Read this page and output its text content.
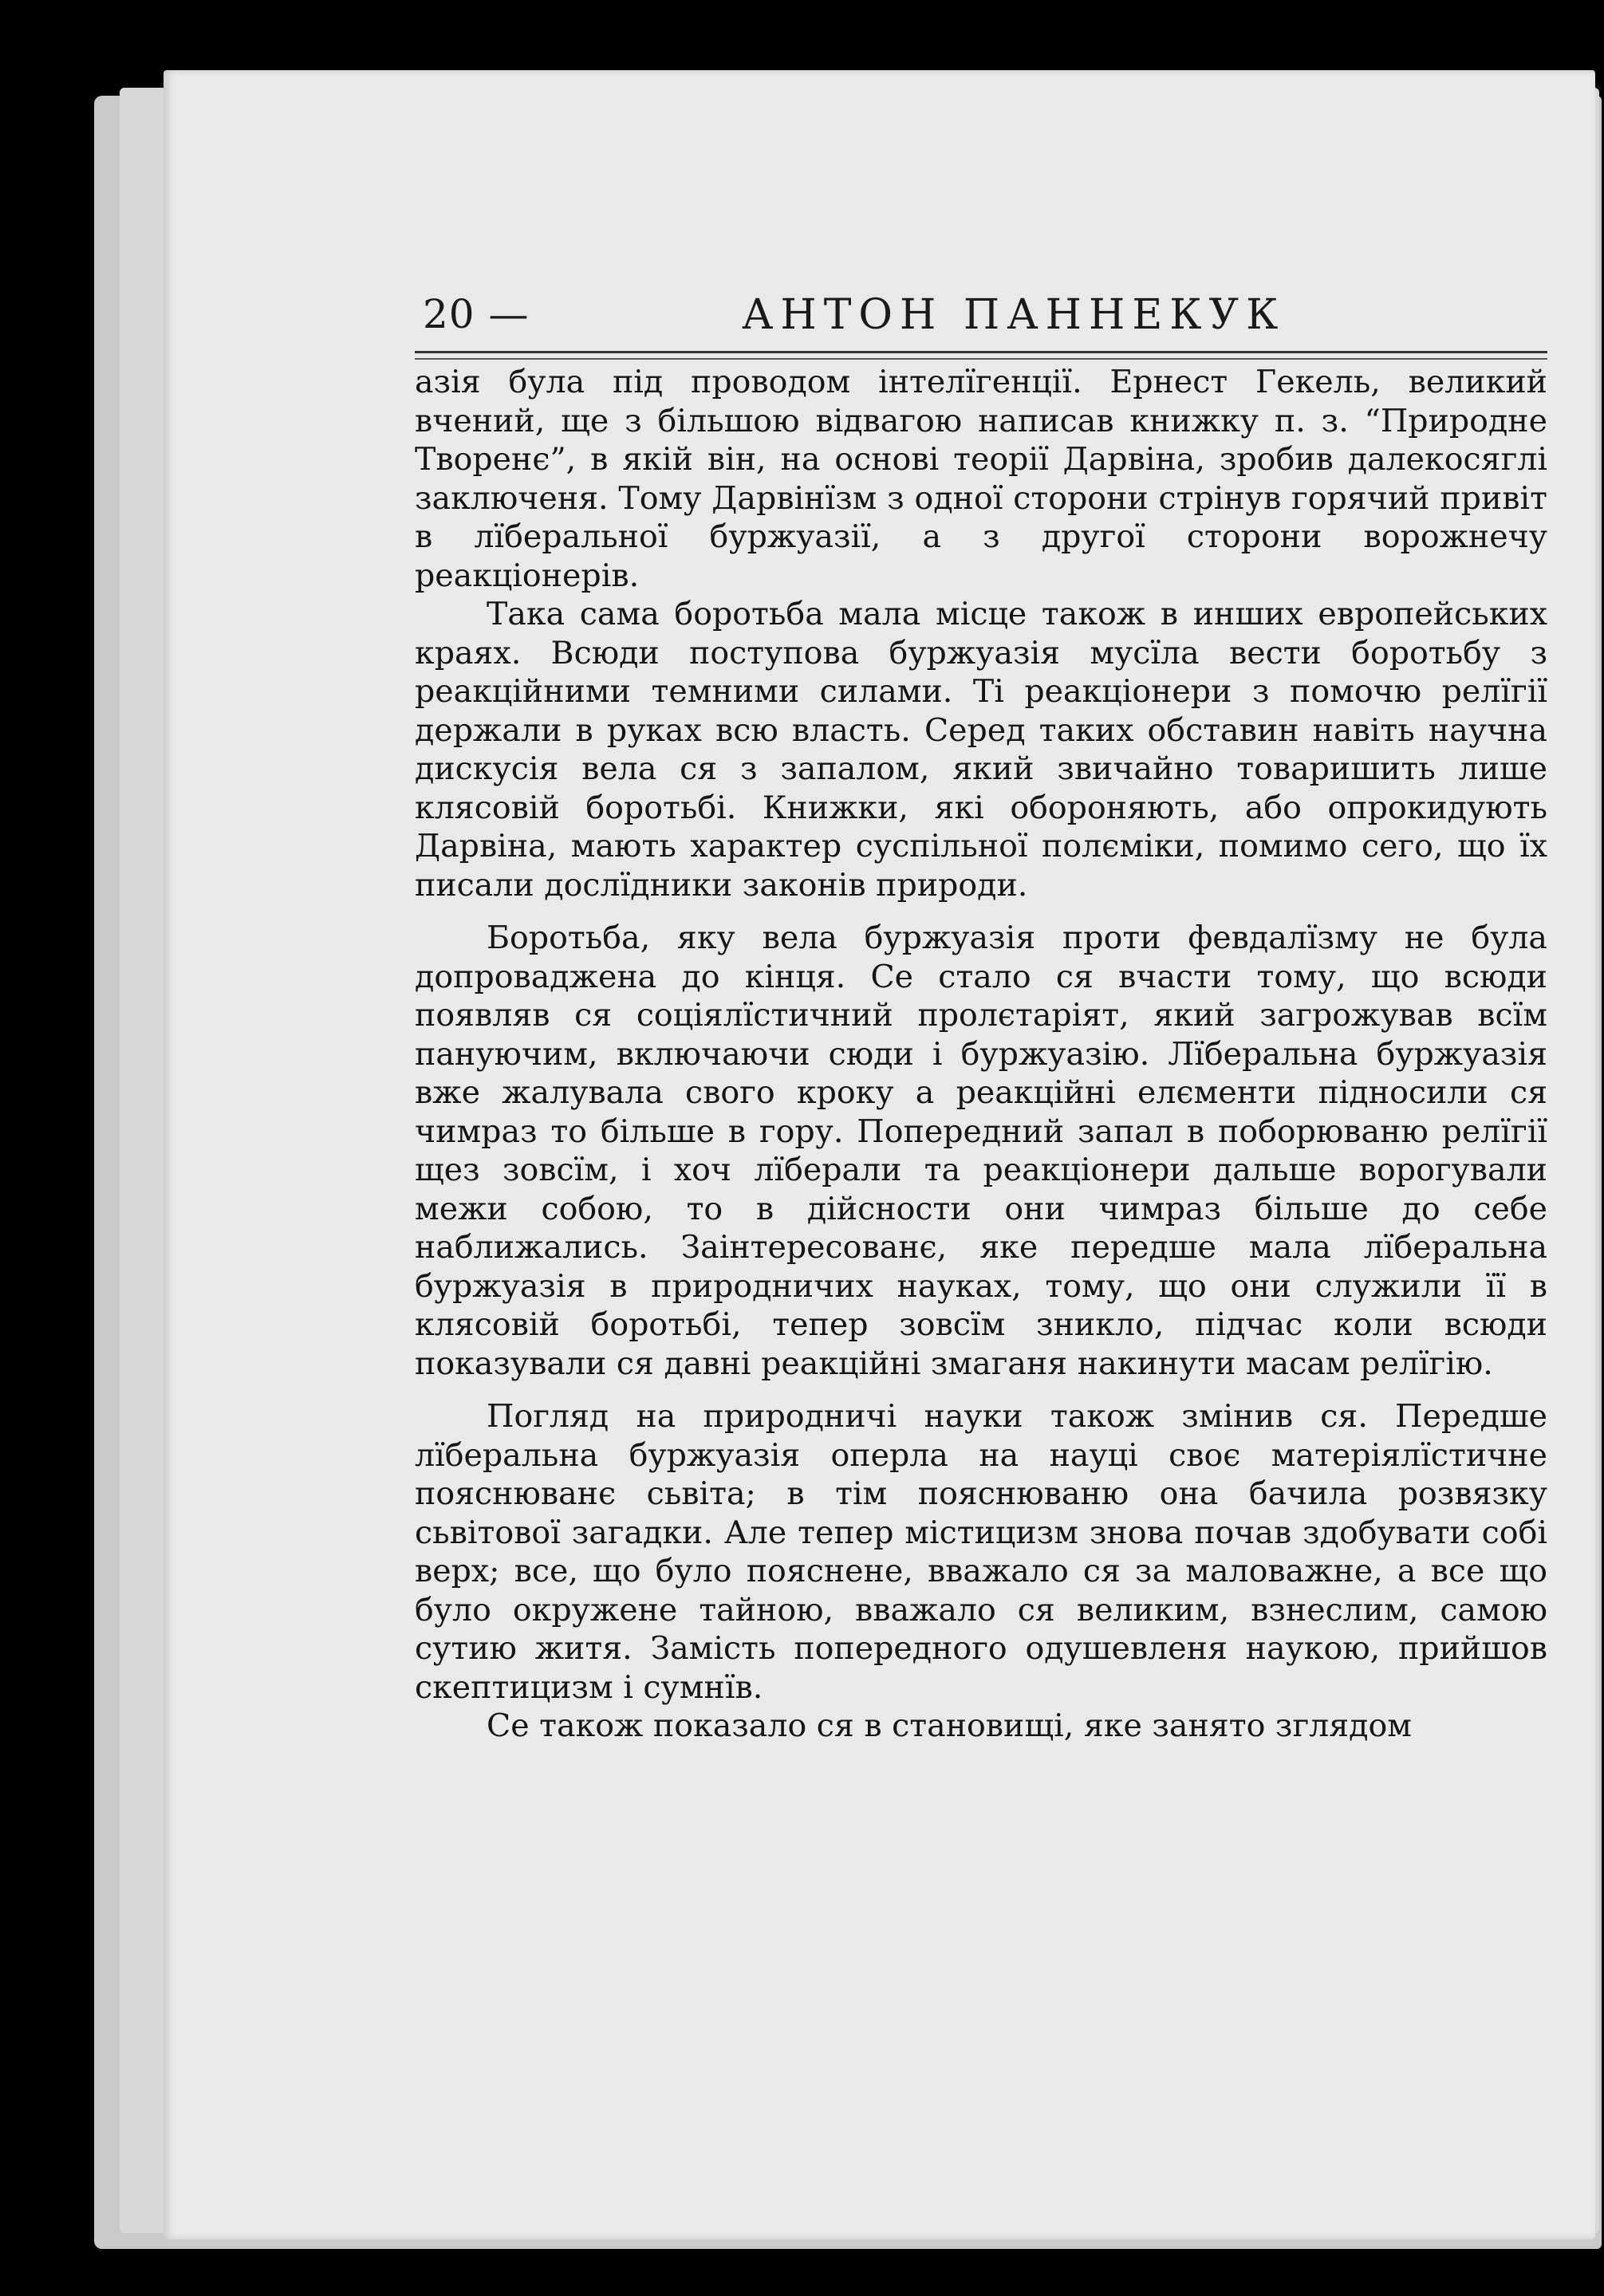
20 —	АНТОН ПАННЕКУК

азія була під проводом інтелїгенції. Ернест Гекель, великий вчений, ще з більшою відвагою написав книжку п. з. “Природне Творенє”, в якій він, на основі теорії Дарвіна, зробив далекосяглі заключеня. Тому Дарвінїзм з одної сторони стрінув горячий привіт в лїберальної буржуазії, а з другої сторони ворожнечу реакціонерів.

Така сама боротьба мала місце також в инших европейських краях. Всюди поступова буржуазія мусїла вести боротьбу з реакційними темними силами. Ті реакціонери з помочю релїгії держали в руках всю власть. Серед таких обставин навіть научна дискусія вела ся з запалом, який звичайно товаришить лише клясовій боротьбі. Книжки, які обороняють, або опрокидують Дарвіна, мають характер суспільної полєміки, помимо сего, що їх писали дослїдники законів природи.

Боротьба, яку вела буржуазія проти февдалїзму не була допроваджена до кінця. Се стало ся вчасти тому, що всюди появляв ся соціялїстичний пролєтаріят, який загрожував всїм пануючим, включаючи сюди і буржуазію. Лїберальна буржуазія вже жалувала свого кроку а реакційні елєменти підносили ся чимраз то більше в гору. Попередний запал в поборюваню релїгії щез зовсїм, і хоч лїберали та реакціонери дальше ворогували межи собою, то в дійсности они чимраз більше до себе наближались. Заінтересованє, яке передше мала лїберальна буржуазія в природничих науках, тому, що они служили її в клясовій боротьбі, тепер зовсїм зникло, підчас коли всюди показували ся давні реакційні змаганя накинути масам релїгію.

Погляд на природничі науки також змінив ся. Передше лїберальна буржуазія оперла на науці своє матеріялїстичне пояснюванє сьвіта; в тім пояснюваню она бачила розвязку сьвітової загадки. Але тепер містицизм знова почав здобувати собі верх; все, що було пояснене, вважало ся за маловажне, а все що було окружене тайною, вважало ся великим, взнеслим, самою сутию житя. Замість попередного одушевленя наукою, прийшов скептицизм і сумнїв.

Се також показало ся в становищі, яке занято зглядом
